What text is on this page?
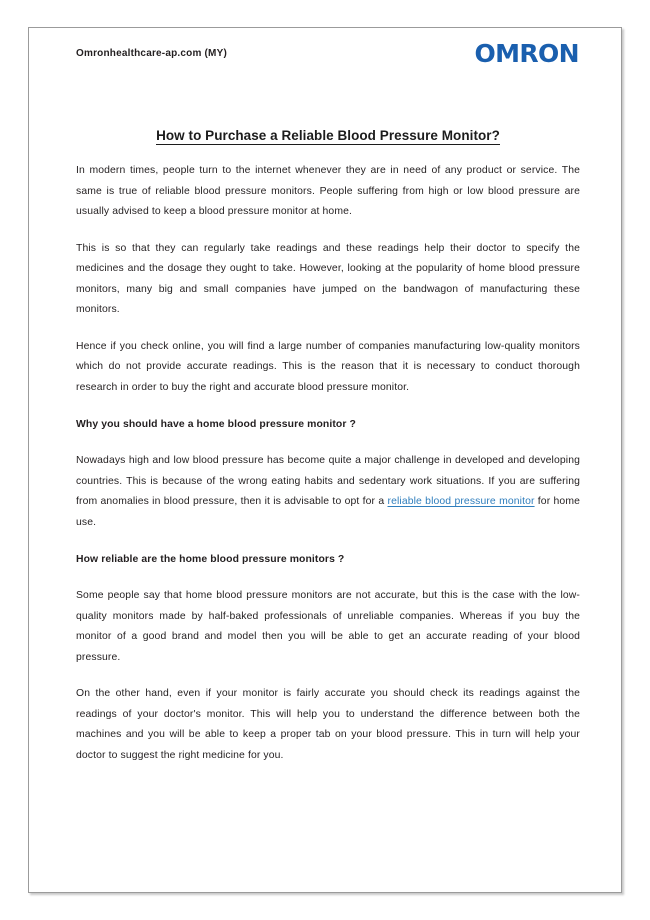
Omronhealthcare-ap.com (MY)	OMRON
How to Purchase a Reliable Blood Pressure Monitor?

In modern times, people turn to the internet whenever they are in need of any product or service. The same is true of reliable blood pressure monitors. People suffering from high or low blood pressure are usually advised to keep a blood pressure monitor at home.

This is so that they can regularly take readings and these readings help their doctor to specify the medicines and the dosage they ought to take. However, looking at the popularity of home blood pressure monitors, many big and small companies have jumped on the bandwagon of manufacturing these monitors.

Hence if you check online, you will find a large number of companies manufacturing low-quality monitors which do not provide accurate readings. This is the reason that it is necessary to conduct thorough research in order to buy the right and accurate blood pressure monitor.

Why you should have a home blood pressure monitor ?

Nowadays high and low blood pressure has become quite a major challenge in developed and developing countries. This is because of the wrong eating habits and sedentary work situations. If you are suffering from anomalies in blood pressure, then it is advisable to opt for a reliable blood pressure monitor for home use.

How reliable are the home blood pressure monitors ?

Some people say that home blood pressure monitors are not accurate, but this is the case with the low-quality monitors made by half-baked professionals of unreliable companies. Whereas if you buy the monitor of a good brand and model then you will be able to get an accurate reading of your blood pressure.

On the other hand, even if your monitor is fairly accurate you should check its readings against the readings of your doctor's monitor. This will help you to understand the difference between both the machines and you will be able to keep a proper tab on your blood pressure. This in turn will help your doctor to suggest the right medicine for you.
